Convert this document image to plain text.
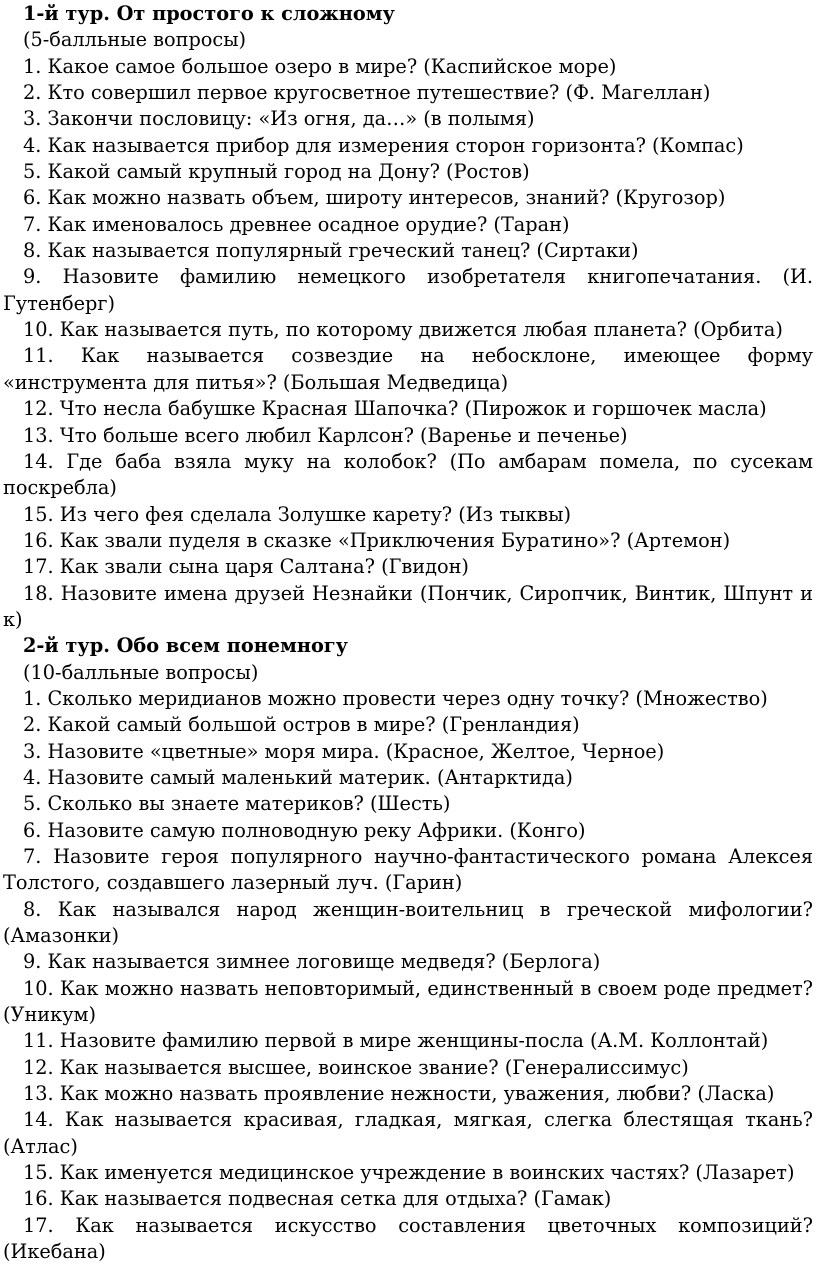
1-й тур. От простого к сложному

(5-балльные вопросы)

1. Какое самое большое озеро в мире? (Каспийское море)

2. Кто совершил первое кругосветное путешествие? (Ф. Магеллан)

3. Закончи пословицу: «Из огня, да…» (в полымя)

4. Как называется прибор для измерения сторон горизонта? (Компас)

5. Какой самый крупный город на Дону? (Ростов)

6. Как можно назвать объем, широту интересов, знаний? (Кругозор)

7. Как именовалось древнее осадное орудие? (Таран)

8. Как называется популярный греческий танец? (Сиртаки)

9. Назовите фамилию немецкого изобретателя книгопечатания. (И. Гутенберг)

10. Как называется путь, по которому движется любая планета? (Орбита)

11. Как называется созвездие на небосклоне, имеющее форму «инструмента для питья»? (Большая Медведица)

12. Что несла бабушке Красная Шапочка? (Пирожок и горшочек масла)

13. Что больше всего любил Карлсон? (Варенье и печенье)

14. Где баба взяла муку на колобок? (По амбарам помела, по сусекам поскребла)

15. Из чего фея сделала Золушке карету? (Из тыквы)

16. Как звали пуделя в сказке «Приключения Буратино»? (Артемон)

17. Как звали сына царя Салтана? (Гвидон)

18. Назовите имена друзей Незнайки (Пончик, Сиропчик, Винтик, Шпунт и к)

2-й тур. Обо всем понемногу

(10-балльные вопросы)

1. Сколько меридианов можно провести через одну точку? (Множество)

2. Какой самый большой остров в мире? (Гренландия)

3. Назовите «цветные» моря мира. (Красное, Желтое, Черное)

4. Назовите самый маленький материк. (Антарктида)

5. Сколько вы знаете материков? (Шесть)

6. Назовите самую полноводную реку Африки. (Конго)

7. Назовите героя популярного научно-фантастического романа Алексея Толстого, создавшего лазерный луч. (Гарин)

8. Как назывался народ женщин-воительниц в греческой мифологии? (Амазонки)

9. Как называется зимнее логовище медведя? (Берлога)

10. Как можно назвать неповторимый, единственный в своем роде предмет? (Уникум)

11. Назовите фамилию первой в мире женщины-посла (А.М. Коллонтай)

12. Как называется высшее, воинское звание? (Генералиссимус)

13. Как можно назвать проявление нежности, уважения, любви? (Ласка)

14. Как называется красивая, гладкая, мягкая, слегка блестящая ткань? (Атлас)

15. Как именуется медицинское учреждение в воинских частях? (Лазарет)

16. Как называется подвесная сетка для отдыха? (Гамак)

17. Как называется искусство составления цветочных композиций? (Икебана)
